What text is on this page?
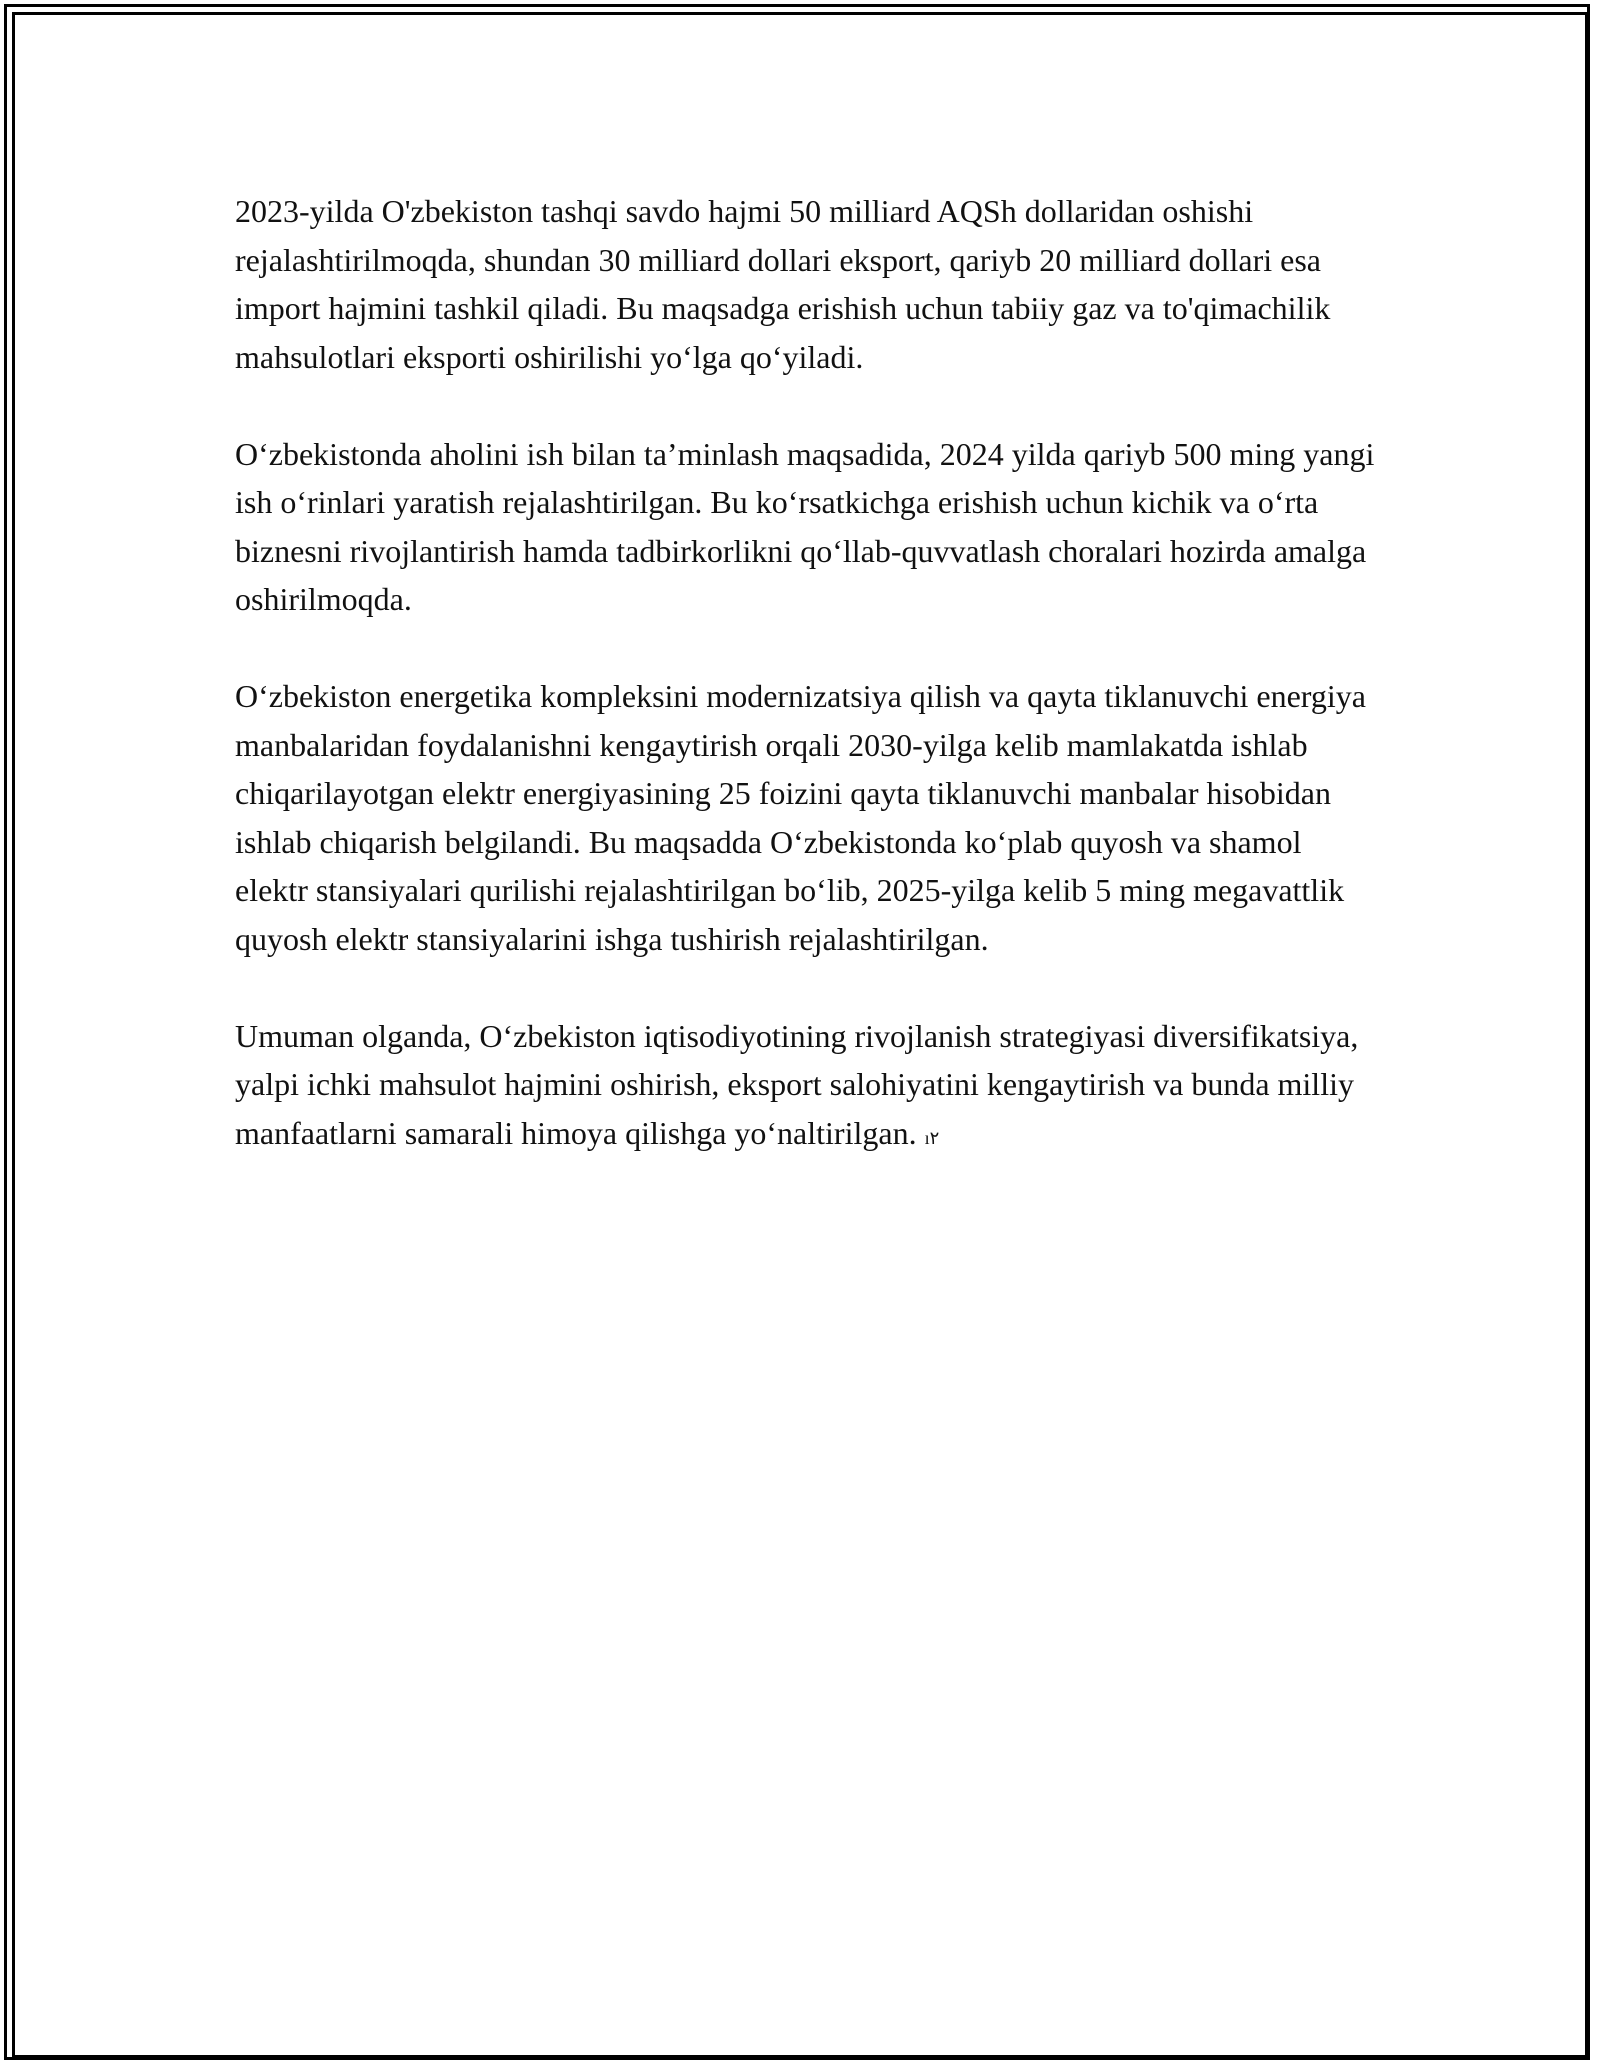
2023-yilda O'zbekiston tashqi savdo hajmi 50 milliard AQSh dollaridan oshishi rejalashtirilmoqda, shundan 30 milliard dollari eksport, qariyb 20 milliard dollari esa import hajmini tashkil qiladi. Bu maqsadga erishish uchun tabiiy gaz va to'qimachilik mahsulotlari eksporti oshirilishi yo‘lga qo‘yiladi.

O‘zbekistonda aholini ish bilan ta’minlash maqsadida, 2024 yilda qariyb 500 ming yangi ish o‘rinlari yaratish rejalashtirilgan. Bu ko‘rsatkichga erishish uchun kichik va o‘rta biznesni rivojlantirish hamda tadbirkorlikni qo‘llab-quvvatlash choralari hozirda amalga oshirilmoqda.

O‘zbekiston energetika kompleksini modernizatsiya qilish va qayta tiklanuvchi energiya manbalaridan foydalanishni kengaytirish orqali 2030-yilga kelib mamlakatda ishlab chiqarilayotgan elektr energiyasining 25 foizini qayta tiklanuvchi manbalar hisobidan ishlab chiqarish belgilandi. Bu maqsadda O‘zbekistonda ko‘plab quyosh va shamol elektr stansiyalari qurilishi rejalashtirilgan bo‘lib, 2025-yilga kelib 5 ming megavattlik quyosh elektr stansiyalarini ishga tushirish rejalashtirilgan.

Umuman olganda, O‘zbekiston iqtisodiyotining rivojlanish strategiyasi diversifikatsiya, yalpi ichki mahsulot hajmini oshirish, eksport salohiyatini kengaytirish va bunda milliy manfaatlarni samarali himoya qilishga yo‘naltirilgan. ı۲
